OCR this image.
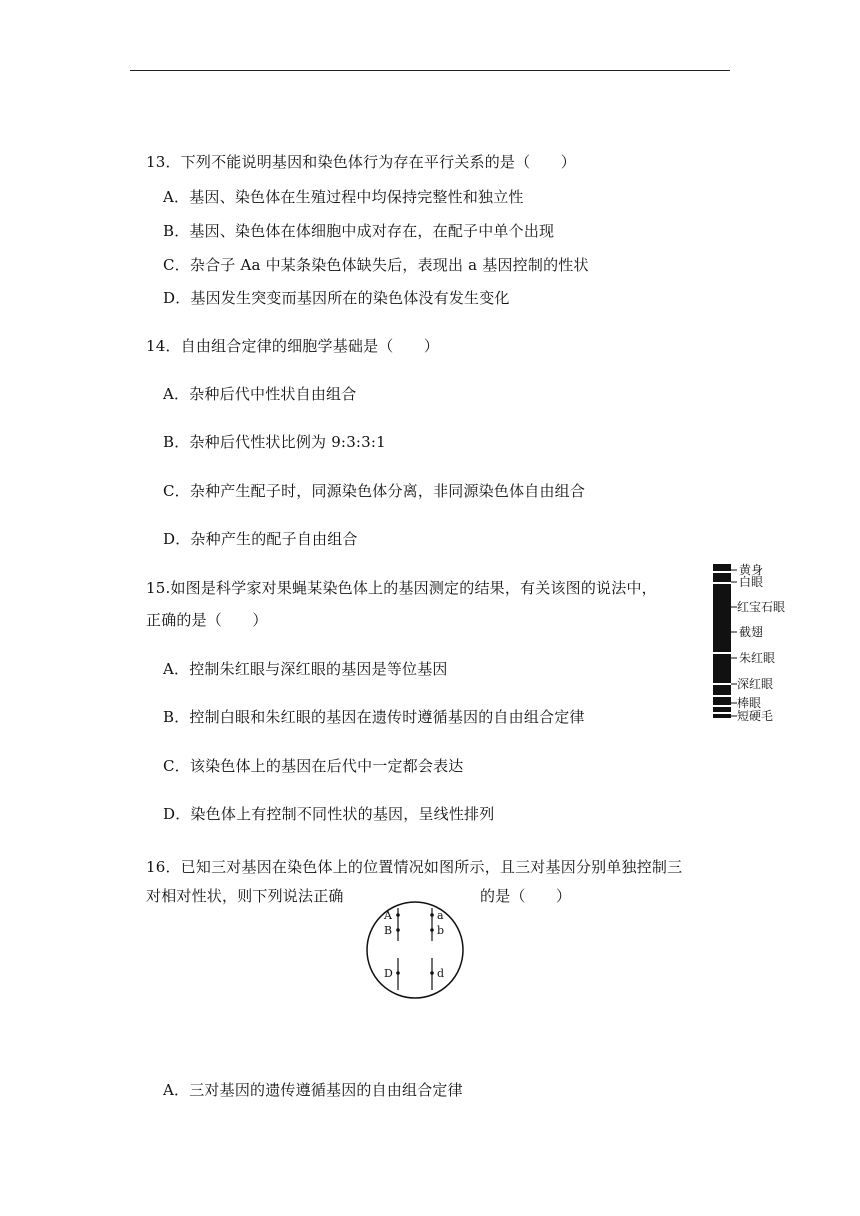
13．下列不能说明基因和染色体行为存在平行关系的是（　　）
A．基因、染色体在生殖过程中均保持完整性和独立性
B．基因、染色体在体细胞中成对存在，在配子中单个出现
C．杂合子 Aa 中某条染色体缺失后，表现出 a 基因控制的性状
D．基因发生突变而基因所在的染色体没有发生变化
14．自由组合定律的细胞学基础是（　　）
A．杂种后代中性状自由组合
B．杂种后代性状比例为 9:3:3:1
C．杂种产生配子时，同源染色体分离，非同源染色体自由组合
D．杂种产生的配子自由组合
15.如图是科学家对果蝇某染色体上的基因测定的结果，有关该图的说法中，
正确的是（　　）
A．控制朱红眼与深红眼的基因是等位基因
B．控制白眼和朱红眼的基因在遗传时遵循基因的自由组合定律
C．该染色体上的基因在后代中一定都会表达
D．染色体上有控制不同性状的基因，呈线性排列
黄身
白眼
红宝石眼
截翅
朱红眼
深红眼
棒眼
短硬毛
16．已知三对基因在染色体上的位置情况如图所示，且三对基因分别单独控制三
对相对性状，则下列说法正确	的是（　　）
A
B
D
a
b
d
A．三对基因的遗传遵循基因的自由组合定律
